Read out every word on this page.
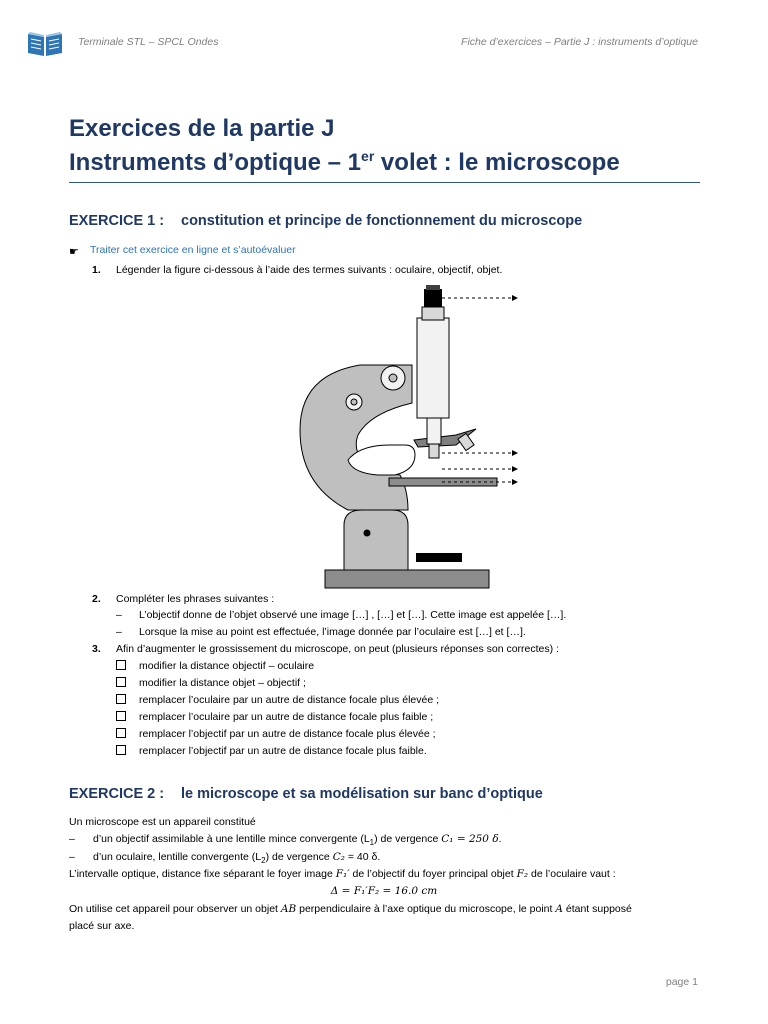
Terminale STL – SPCL Ondes	Fiche d’exercices – Partie J : instruments d’optique
Exercices de la partie J
Instruments d’optique – 1er volet : le microscope
EXERCICE 1 : constitution et principe de fonctionnement du microscope
☛ Traiter cet exercice en ligne et s’autoévaluer
1. Légender la figure ci-dessous à l’aide des termes suivants : oculaire, objectif, objet.
2. Compléter les phrases suivantes :
– L’objectif donne de l’objet observé une image […] , […] et […]. Cette image est appelée […].
– Lorsque la mise au point est effectuée, l’image donnée par l’oculaire est […] et […].
3. Afin d’augmenter le grossissement du microscope, on peut (plusieurs réponses son correctes) :
modifier la distance objectif – oculaire
modifier la distance objet – objectif ;
remplacer l’oculaire par un autre de distance focale plus élevée ;
remplacer l’oculaire par un autre de distance focale plus faible ;
remplacer l’objectif par un autre de distance focale plus élevée ;
remplacer l’objectif par un autre de distance focale plus faible.
EXERCICE 2 : le microscope et sa modélisation sur banc d’optique
Un microscope est un appareil constitué
– d’un objectif assimilable à une lentille mince convergente $(L_1)$ de vergence C₁ = 250 δ.
– d’un oculaire, lentille convergente $(L_2)$ de vergence C₂ = 40 δ.
L’intervalle optique, distance fixe séparant le foyer image F₁′ de l’objectif du foyer principal objet F₂ de l’oculaire vaut :
Δ = F₁′F₂ = 16.0 cm
On utilise cet appareil pour observer un objet AB perpendiculaire à l’axe optique du microscope, le point A étant supposé
placé sur axe.
page 1
